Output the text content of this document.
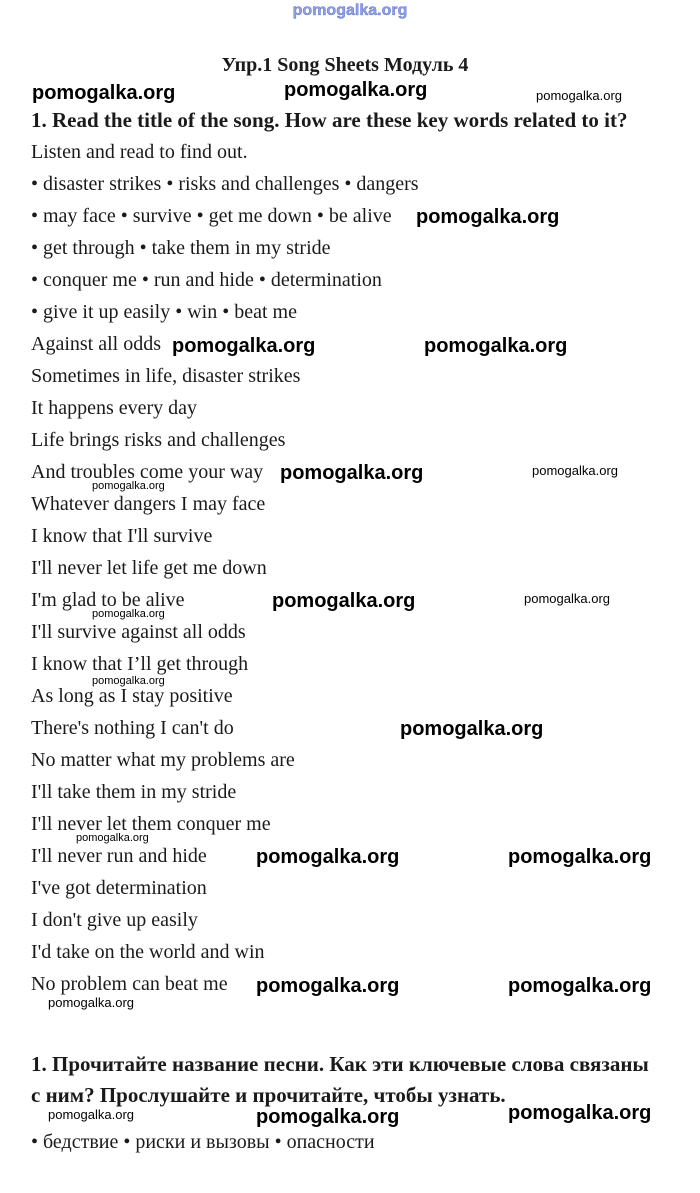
pomogalka.org
Упр.1 Song Sheets Модуль 4
1. Read the title of the song. How are these key words related to it?
Listen and read to find out.
• disaster strikes • risks and challenges • dangers
• may face • survive • get me down • be alive
• get through • take them in my stride
• conquer me • run and hide • determination
• give it up easily • win • beat me
Against all odds
Sometimes in life, disaster strikes
It happens every day
Life brings risks and challenges
And troubles come your way
Whatever dangers I may face
I know that I'll survive
I'll never let life get me down
I'm glad to be alive
I'll survive against all odds
I know that I’ll get through
As long as I stay positive
There's nothing I can't do
No matter what my problems are
I'll take them in my stride
I'll never let them conquer me
I'll never run and hide
I've got determination
I don't give up easily
I'd take on the world and win
No problem can beat me
1. Прочитайте название песни. Как эти ключевые слова связаны
с ним? Прослушайте и прочитайте, чтобы узнать.
• бедствие • риски и вызовы • опасности
pomogalka.org	pomogalka.org	pomogalka.org
pomogalka.org
pomogalka.org	pomogalka.org
pomogalka.org	pomogalka.org
pomogalka.org
pomogalka.org	pomogalka.org
pomogalka.org
pomogalka.org
pomogalka.org
pomogalka.org
pomogalka.org	pomogalka.org
pomogalka.org	pomogalka.org
pomogalka.org
pomogalka.org	pomogalka.org	pomogalka.org
